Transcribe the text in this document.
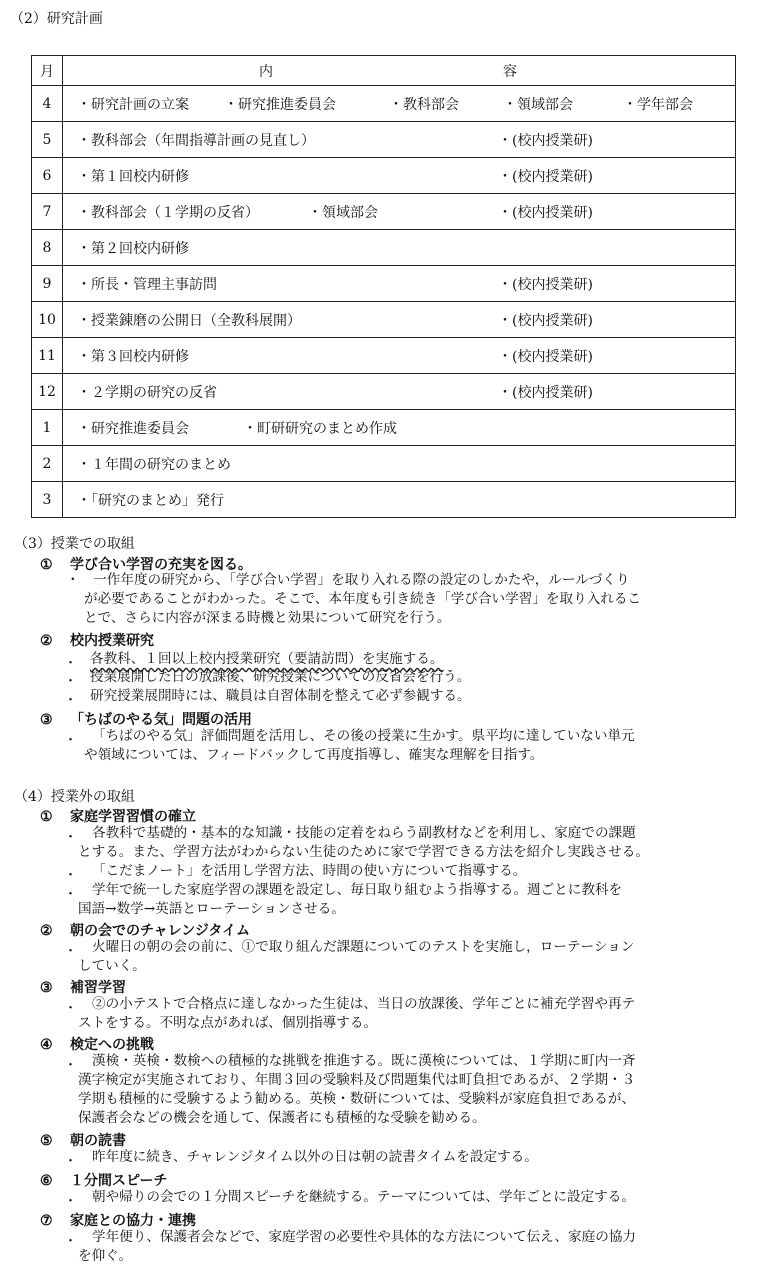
（2）研究計画
月	内 容

4	・研究計画の立案 ・研究推進委員会 ・教科部会 ・領域部会 ・学年部会

5	・教科部会（年間指導計画の見直し） ・(校内授業研)

6	・第１回校内研修 ・(校内授業研)

7	・教科部会（１学期の反省） ・領域部会 ・(校内授業研)

8	・第２回校内研修

9	・所長・管理主事訪問 ・(校内授業研)

10	・授業錬磨の公開日（全教科展開） ・(校内授業研)

11	・第３回校内研修 ・(校内授業研)

12	・２学期の研究の反省 ・(校内授業研)

1	・研究推進委員会 ・町研研究のまとめ作成

2	・１年間の研究のまとめ

3	・「研究のまとめ」発行
（3）授業での取組
① 学び合い学習の充実を図る。
・　一作年度の研究から、「学び合い学習」を取り入れる際の設定のしかたや，ルールづくり
が必要であることがわかった。そこで、本年度も引き続き「学び合い学習」を取り入れるこ
とで、さらに内容が深まる時機と効果について研究を行う。
② 校内授業研究
・ 各教科、１回以上校内授業研究（要請訪問）を実施する。
・ 授業展開した日の放課後、研究授業についての反省会を行う。
・ 研究授業展開時には、職員は自習体制を整えて必ず参観する。
③ 「ちばのやる気」問題の活用
・ 「ちばのやる気」評価問題を活用し、その後の授業に生かす。県平均に達していない単元
や領域については、フィードバックして再度指導し、確実な理解を目指す。
（4）授業外の取組
① 家庭学習習慣の確立
・ 各教科で基礎的・基本的な知識・技能の定着をねらう副教材などを利用し、家庭での課題
とする。また、学習方法がわからない生徒のために家で学習できる方法を紹介し実践させる。
・ 「こだまノート」を活用し学習方法、時間の使い方について指導する。
・ 学年で統一した家庭学習の課題を設定し、毎日取り組むよう指導する。週ごとに教科を
国語→数学→英語とローテーションさせる。
② 朝の会でのチャレンジタイム
・ 火曜日の朝の会の前に、①で取り組んだ課題についてのテストを実施し，ローテーション
していく。
③ 補習学習
・ ②の小テストで合格点に達しなかった生徒は、当日の放課後、学年ごとに補充学習や再テ
ストをする。不明な点があれば、個別指導する。
④ 検定への挑戦
・ 漢検・英検・数検への積極的な挑戦を推進する。既に漢検については、１学期に町内一斉
漢字検定が実施されており、年間３回の受験料及び問題集代は町負担であるが、２学期・３
学期も積極的に受験するよう勧める。英検・数研については、受験料が家庭負担であるが、
保護者会などの機会を通して、保護者にも積極的な受験を勧める。
⑤ 朝の読書
・ 昨年度に続き、チャレンジタイム以外の日は朝の読書タイムを設定する。
⑥ １分間スピーチ
・ 朝や帰りの会での１分間スピーチを継続する。テーマについては、学年ごとに設定する。
⑦ 家庭との協力・連携
・ 学年便り、保護者会などで、家庭学習の必要性や具体的な方法について伝え、家庭の協力
を仰ぐ。
